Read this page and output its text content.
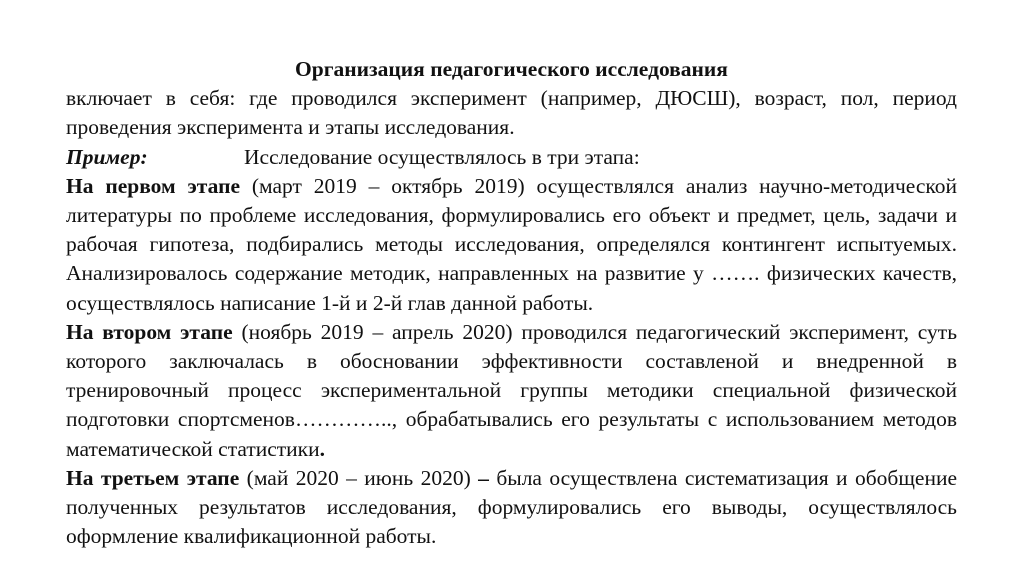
Организация педагогического исследования

включает в себя: где проводился эксперимент (например, ДЮСШ), возраст, пол, период проведения эксперимента и этапы исследования.

Пример:	Исследование осуществлялось в три этапа:

На первом этапе (март 2019 – октябрь 2019) осуществлялся анализ научно-методической литературы по проблеме исследования, формулировались его объект и предмет, цель, задачи и рабочая гипотеза, подбирались методы исследования, определялся контингент испытуемых. Анализировалось содержание методик, направленных на развитие у ……. физических качеств, осуществлялось написание 1-й и 2-й глав данной работы.

На втором этапе (ноябрь 2019 – апрель 2020) проводился педагогический эксперимент, суть которого заключалась в обосновании эффективности составленой и внедренной в тренировочный процесс экспериментальной группы методики специальной физической подготовки спортсменов………….., обрабатывались его результаты с использованием методов математической статистики.

На третьем этапе (май 2020 – июнь 2020) – была осуществлена систематизация и обобщение полученных результатов исследования, формулировались его выводы, осуществлялось оформление квалификационной работы.
